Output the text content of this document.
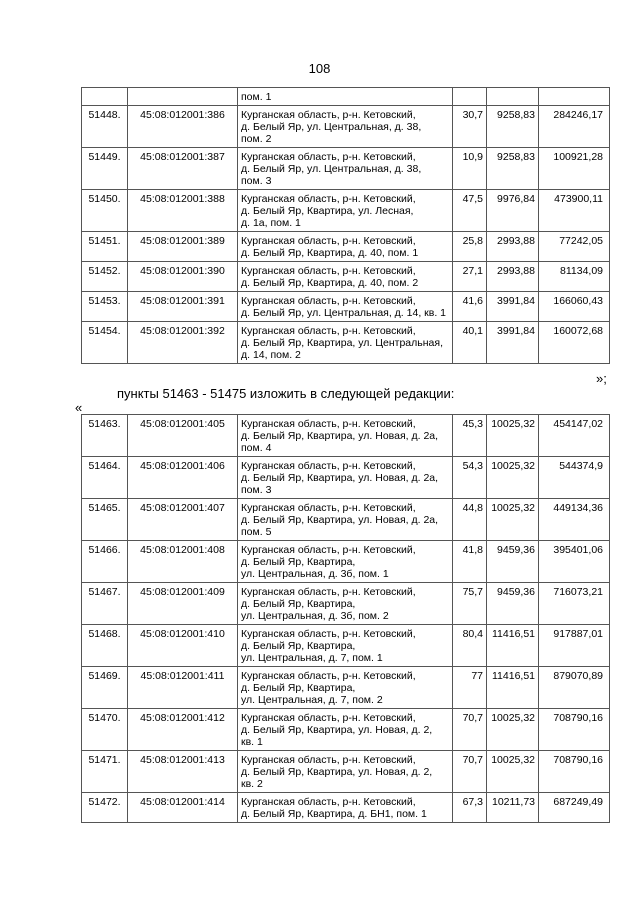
108

		пом. 1			

51448.	45:08:012001:386	Курганская область, р-н. Кетовский,
д. Белый Яр, ул. Центральная, д. 38,
пом. 2	30,7	9258,83	284246,17
51449.	45:08:012001:387	Курганская область, р-н. Кетовский,
д. Белый Яр, ул. Центральная, д. 38,
пом. 3	10,9	9258,83	100921,28
51450.	45:08:012001:388	Курганская область, р-н. Кетовский,
д. Белый Яр, Квартира, ул. Лесная,
д. 1а, пом. 1	47,5	9976,84	473900,11
51451.	45:08:012001:389	Курганская область, р-н. Кетовский,
д. Белый Яр, Квартира, д. 40, пом. 1	25,8	2993,88	77242,05
51452.	45:08:012001:390	Курганская область, р-н. Кетовский,
д. Белый Яр, Квартира, д. 40, пом. 2	27,1	2993,88	81134,09
51453.	45:08:012001:391	Курганская область, р-н. Кетовский,
д. Белый Яр, ул. Центральная, д. 14, кв. 1	41,6	3991,84	166060,43
51454.	45:08:012001:392	Курганская область, р-н. Кетовский,
д. Белый Яр, Квартира, ул. Центральная,
д. 14, пом. 2	40,1	3991,84	160072,68
»;
пункты 51463 - 51475 изложить в следующей редакции:
«
51463.	45:08:012001:405	Курганская область, р-н. Кетовский,
д. Белый Яр, Квартира, ул. Новая, д. 2а,
пом. 4	45,3	10025,32	454147,02
51464.	45:08:012001:406	Курганская область, р-н. Кетовский,
д. Белый Яр, Квартира, ул. Новая, д. 2а,
пом. 3	54,3	10025,32	544374,9
51465.	45:08:012001:407	Курганская область, р-н. Кетовский,
д. Белый Яр, Квартира, ул. Новая, д. 2а,
пом. 5	44,8	10025,32	449134,36
51466.	45:08:012001:408	Курганская область, р-н. Кетовский,
д. Белый Яр, Квартира,
ул. Центральная, д. 3б, пом. 1	41,8	9459,36	395401,06
51467.	45:08:012001:409	Курганская область, р-н. Кетовский,
д. Белый Яр, Квартира,
ул. Центральная, д. 3б, пом. 2	75,7	9459,36	716073,21
51468.	45:08:012001:410	Курганская область, р-н. Кетовский,
д. Белый Яр, Квартира,
ул. Центральная, д. 7, пом. 1	80,4	11416,51	917887,01
51469.	45:08:012001:411	Курганская область, р-н. Кетовский,
д. Белый Яр, Квартира,
ул. Центральная, д. 7, пом. 2	77	11416,51	879070,89
51470.	45:08:012001:412	Курганская область, р-н. Кетовский,
д. Белый Яр, Квартира, ул. Новая, д. 2,
кв. 1	70,7	10025,32	708790,16
51471.	45:08:012001:413	Курганская область, р-н. Кетовский,
д. Белый Яр, Квартира, ул. Новая, д. 2,
кв. 2	70,7	10025,32	708790,16
51472.	45:08:012001:414	Курганская область, р-н. Кетовский,
д. Белый Яр, Квартира, д. БН1, пом. 1	67,3	10211,73	687249,49
